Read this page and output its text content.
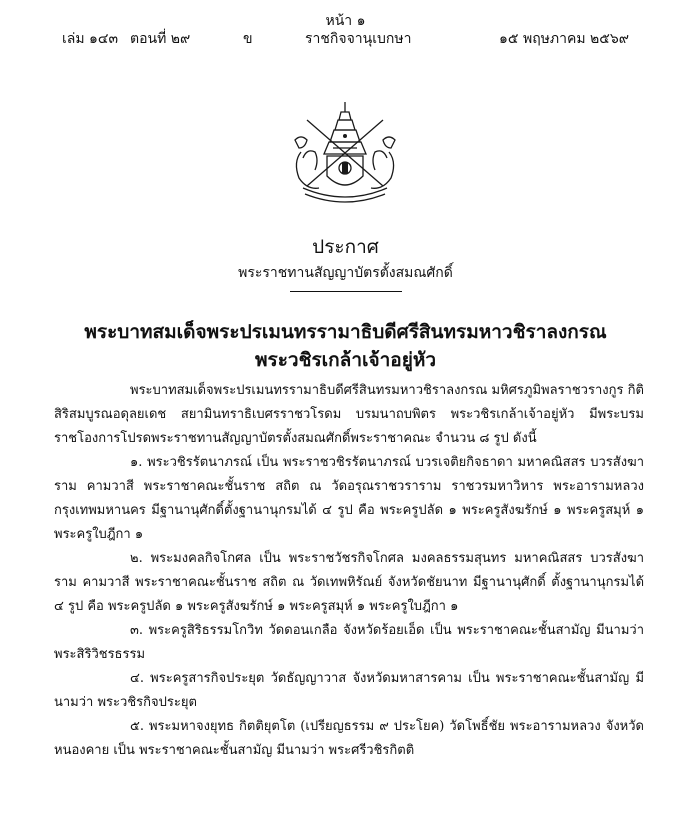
หน้า ๑
เล่ม ๑๔๓ ตอนที่ ๒๙	ข	ราชกิจจานุเบกษา	๑๕ พฤษภาคม ๒๕๖๙
ประกาศ
พระราชทานสัญญาบัตรตั้งสมณศักดิ์
พระบาทสมเด็จพระปรเมนทรรามาธิบดีศรีสินทรมหาวชิราลงกรณ
พระวชิรเกล้าเจ้าอยู่หัว

พระบาทสมเด็จพระปรเมนทรรามาธิบดีศรีสินทรมหาวชิราลงกรณ มหิศรภูมิพลราชวรางกูร กิติสิริสมบูรณอดุลยเดช สยามินทราธิเบศรราชวโรดม บรมนาถบพิตร พระวชิรเกล้าเจ้าอยู่หัว มีพระบรมราชโองการโปรดพระราชทานสัญญาบัตรตั้งสมณศักดิ์พระราชาคณะ จำนวน ๘ รูป ดังนี้

๑. พระวชิรรัตนาภรณ์ เป็น พระราชวชิรรัตนาภรณ์ บวรเจติยกิจธาดา มหาคณิสสร บวรสังฆาราม คามวาสี พระราชาคณะชั้นราช สถิต ณ วัดอรุณราชวราราม ราชวรมหาวิหาร พระอารามหลวง กรุงเทพมหานคร มีฐานานุศักดิ์ตั้งฐานานุกรมได้ ๔ รูป คือ พระครูปลัด ๑ พระครูสังฆรักษ์ ๑ พระครูสมุห์ ๑ พระครูใบฎีกา ๑

๒. พระมงคลกิจโกศล เป็น พระราชวัชรกิจโกศล มงคลธรรมสุนทร มหาคณิสสร บวรสังฆาราม คามวาสี พระราชาคณะชั้นราช สถิต ณ วัดเทพหิรัณย์ จังหวัดชัยนาท มีฐานานุศักดิ์ ตั้งฐานานุกรมได้ ๔ รูป คือ พระครูปลัด ๑ พระครูสังฆรักษ์ ๑ พระครูสมุห์ ๑ พระครูใบฎีกา ๑

๓. พระครูสิริธรรมโกวิท วัดดอนเกลือ จังหวัดร้อยเอ็ด เป็น พระราชาคณะชั้นสามัญ มีนามว่า พระสิริวิชรธรรม

๔. พระครูสารกิจประยุต วัดธัญญาวาส จังหวัดมหาสารคาม เป็น พระราชาคณะชั้นสามัญ มีนามว่า พระวชิรกิจประยุต

๕. พระมหาจงยุทธ กิตติยุตโต (เปรียญธรรม ๙ ประโยค) วัดโพธิ์ชัย พระอารามหลวง จังหวัดหนองคาย เป็น พระราชาคณะชั้นสามัญ มีนามว่า พระศรีวชิรกิตติ
